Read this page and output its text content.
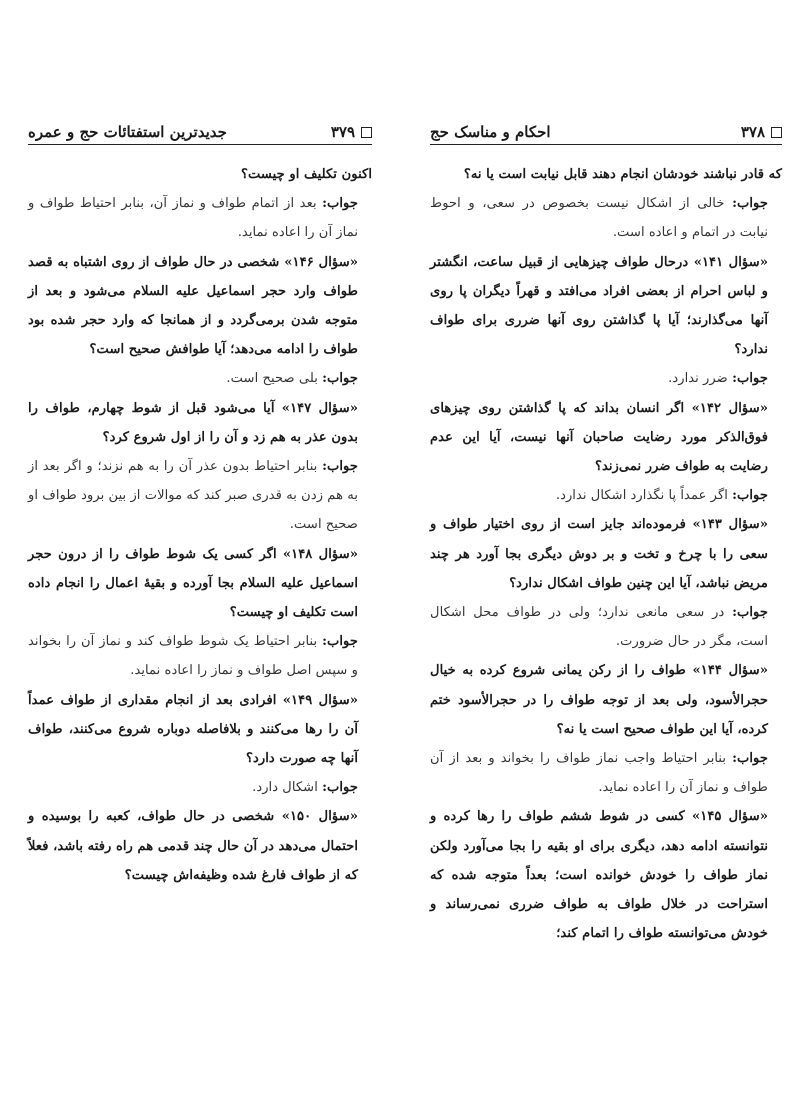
احکام و مناسک حج	۳۷۸

که قادر نباشند خودشان انجام دهند قابل نیابت است یا نه؟

جواب: خالی از اشکال نیست بخصوص در سعی، و احوط نیابت در اتمام و اعاده است.

«سؤال ۱۴۱» درحال طواف چیزهایی از قبیل ساعت، انگشتر و لباس احرام از بعضی افراد می‌افتد و قهراً دیگران پا روی آنها می‌گذارند؛ آیا پا گذاشتن روی آنها ضرری برای طواف ندارد؟

جواب: ضرر ندارد.

«سؤال ۱۴۲» اگر انسان بداند که پا گذاشتن روی چیزهای فوق‌الذکر مورد رضایت صاحبان آنها نیست، آیا این عدم رضایت به طواف ضرر نمی‌زند؟

جواب: اگر عمداً پا نگذارد اشکال ندارد.

«سؤال ۱۴۳» فرموده‌اند جایز است از روی اختیار طواف و سعی را با چرخ و تخت و بر دوش دیگری بجا آورد هر چند مریض نباشد، آیا این چنین طواف اشکال ندارد؟

جواب: در سعی مانعی ندارد؛ ولی در طواف محل اشکال است، مگر در حال ضرورت.

«سؤال ۱۴۴» طواف را از رکن یمانی شروع کرده به خیال حجرالأسود، ولی بعد از توجه طواف را در حجرالأسود ختم کرده، آیا این طواف صحیح است یا نه؟

جواب: بنابر احتیاط واجب نماز طواف را بخواند و بعد از آن طواف و نماز آن را اعاده نماید.

«سؤال ۱۴۵» کسی در شوط ششم طواف را رها کرده و نتوانسته ادامه دهد، دیگری برای او بقیه را بجا می‌آورد ولکن نماز طواف را خودش خوانده است؛ بعداً متوجه شده که استراحت در خلال طواف به طواف ضرری نمی‌رساند و خودش می‌توانسته طواف را اتمام کند؛

جدیدترین استفتائات حج و عمره	۳۷۹

اکنون تکلیف او چیست؟

جواب: بعد از اتمام طواف و نماز آن، بنابر احتیاط طواف و نماز آن را اعاده نماید.

«سؤال ۱۴۶» شخصی در حال طواف از روی اشتباه به قصد طواف وارد حجر اسماعیل علیه السلام می‌شود و بعد از متوجه شدن برمی‌گردد و از همانجا که وارد حجر شده بود طواف را ادامه می‌دهد؛ آیا طوافش صحیح است؟

جواب: بلی صحیح است.

«سؤال ۱۴۷» آیا می‌شود قبل از شوط چهارم، طواف را بدون عذر به هم زد و آن را از اول شروع کرد؟

جواب: بنابر احتیاط بدون عذر آن را به هم نزند؛ و اگر بعد از به هم زدن به قدری صبر کند که موالات از بین برود طواف او صحیح است.

«سؤال ۱۴۸» اگر کسی یک شوط طواف را از درون حجر اسماعیل علیه السلام بجا آورده و بقیهٔ اعمال را انجام داده است تکلیف او چیست؟

جواب: بنابر احتیاط یک شوط طواف کند و نماز آن را بخواند و سپس اصل طواف و نماز را اعاده نماید.

«سؤال ۱۴۹» افرادی بعد از انجام مقداری از طواف عمداً آن را رها می‌کنند و بلافاصله دوباره شروع می‌کنند، طواف آنها چه صورت دارد؟

جواب: اشکال دارد.

«سؤال ۱۵۰» شخصی در حال طواف، کعبه را بوسیده و احتمال می‌دهد در آن حال چند قدمی هم راه رفته باشد، فعلاً که از طواف فارغ شده وظیفه‌اش چیست؟
